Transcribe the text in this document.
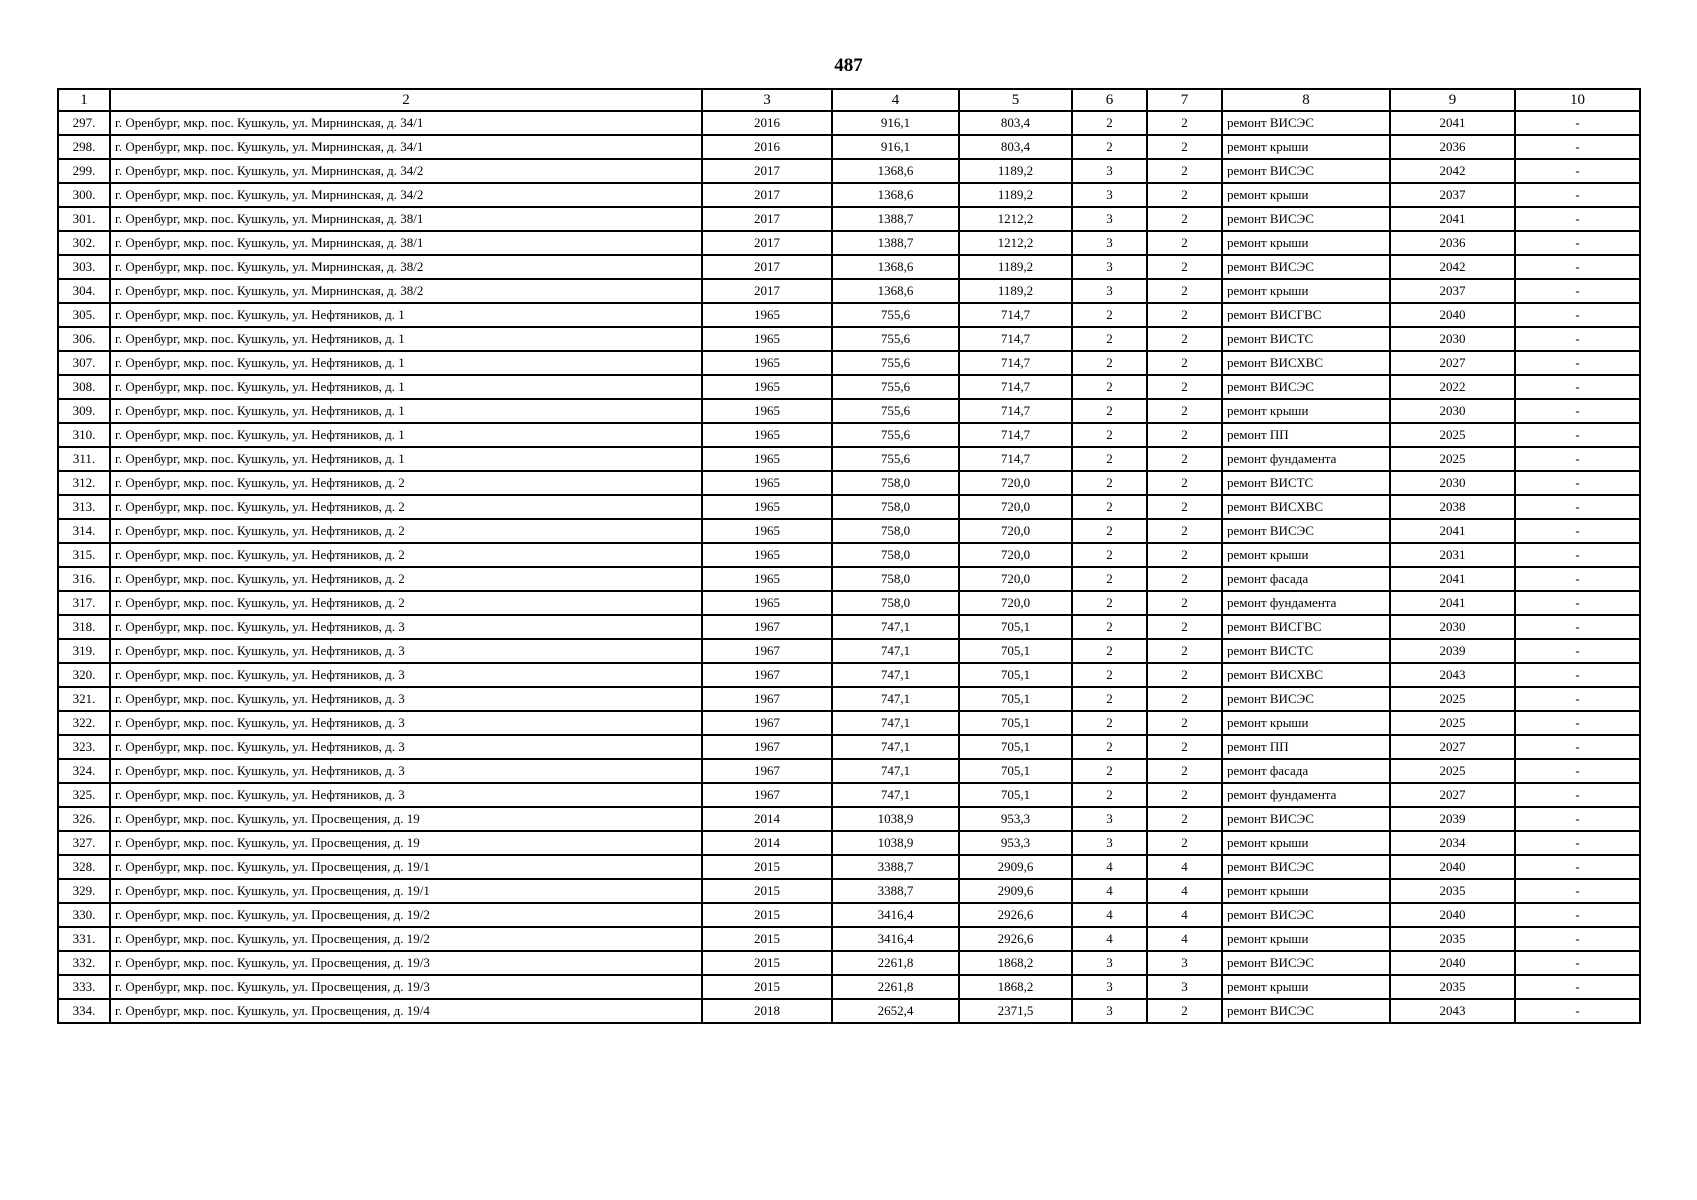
487
1	2	3	4	5	6	7	8	9	10
297.	г. Оренбург, мкр. пос. Кушкуль, ул. Мирнинская, д. 34/1	2016	916,1	803,4	2	2	ремонт ВИСЭС	2041	-
298.	г. Оренбург, мкр. пос. Кушкуль, ул. Мирнинская, д. 34/1	2016	916,1	803,4	2	2	ремонт крыши	2036	-
299.	г. Оренбург, мкр. пос. Кушкуль, ул. Мирнинская, д. 34/2	2017	1368,6	1189,2	3	2	ремонт ВИСЭС	2042	-
300.	г. Оренбург, мкр. пос. Кушкуль, ул. Мирнинская, д. 34/2	2017	1368,6	1189,2	3	2	ремонт крыши	2037	-
301.	г. Оренбург, мкр. пос. Кушкуль, ул. Мирнинская, д. 38/1	2017	1388,7	1212,2	3	2	ремонт ВИСЭС	2041	-
302.	г. Оренбург, мкр. пос. Кушкуль, ул. Мирнинская, д. 38/1	2017	1388,7	1212,2	3	2	ремонт крыши	2036	-
303.	г. Оренбург, мкр. пос. Кушкуль, ул. Мирнинская, д. 38/2	2017	1368,6	1189,2	3	2	ремонт ВИСЭС	2042	-
304.	г. Оренбург, мкр. пос. Кушкуль, ул. Мирнинская, д. 38/2	2017	1368,6	1189,2	3	2	ремонт крыши	2037	-
305.	г. Оренбург, мкр. пос. Кушкуль, ул. Нефтяников, д. 1	1965	755,6	714,7	2	2	ремонт ВИСГВС	2040	-
306.	г. Оренбург, мкр. пос. Кушкуль, ул. Нефтяников, д. 1	1965	755,6	714,7	2	2	ремонт ВИСТС	2030	-
307.	г. Оренбург, мкр. пос. Кушкуль, ул. Нефтяников, д. 1	1965	755,6	714,7	2	2	ремонт ВИСХВС	2027	-
308.	г. Оренбург, мкр. пос. Кушкуль, ул. Нефтяников, д. 1	1965	755,6	714,7	2	2	ремонт ВИСЭС	2022	-
309.	г. Оренбург, мкр. пос. Кушкуль, ул. Нефтяников, д. 1	1965	755,6	714,7	2	2	ремонт крыши	2030	-
310.	г. Оренбург, мкр. пос. Кушкуль, ул. Нефтяников, д. 1	1965	755,6	714,7	2	2	ремонт ПП	2025	-
311.	г. Оренбург, мкр. пос. Кушкуль, ул. Нефтяников, д. 1	1965	755,6	714,7	2	2	ремонт фундамента	2025	-
312.	г. Оренбург, мкр. пос. Кушкуль, ул. Нефтяников, д. 2	1965	758,0	720,0	2	2	ремонт ВИСТС	2030	-
313.	г. Оренбург, мкр. пос. Кушкуль, ул. Нефтяников, д. 2	1965	758,0	720,0	2	2	ремонт ВИСХВС	2038	-
314.	г. Оренбург, мкр. пос. Кушкуль, ул. Нефтяников, д. 2	1965	758,0	720,0	2	2	ремонт ВИСЭС	2041	-
315.	г. Оренбург, мкр. пос. Кушкуль, ул. Нефтяников, д. 2	1965	758,0	720,0	2	2	ремонт крыши	2031	-
316.	г. Оренбург, мкр. пос. Кушкуль, ул. Нефтяников, д. 2	1965	758,0	720,0	2	2	ремонт фасада	2041	-
317.	г. Оренбург, мкр. пос. Кушкуль, ул. Нефтяников, д. 2	1965	758,0	720,0	2	2	ремонт фундамента	2041	-
318.	г. Оренбург, мкр. пос. Кушкуль, ул. Нефтяников, д. 3	1967	747,1	705,1	2	2	ремонт ВИСГВС	2030	-
319.	г. Оренбург, мкр. пос. Кушкуль, ул. Нефтяников, д. 3	1967	747,1	705,1	2	2	ремонт ВИСТС	2039	-
320.	г. Оренбург, мкр. пос. Кушкуль, ул. Нефтяников, д. 3	1967	747,1	705,1	2	2	ремонт ВИСХВС	2043	-
321.	г. Оренбург, мкр. пос. Кушкуль, ул. Нефтяников, д. 3	1967	747,1	705,1	2	2	ремонт ВИСЭС	2025	-
322.	г. Оренбург, мкр. пос. Кушкуль, ул. Нефтяников, д. 3	1967	747,1	705,1	2	2	ремонт крыши	2025	-
323.	г. Оренбург, мкр. пос. Кушкуль, ул. Нефтяников, д. 3	1967	747,1	705,1	2	2	ремонт ПП	2027	-
324.	г. Оренбург, мкр. пос. Кушкуль, ул. Нефтяников, д. 3	1967	747,1	705,1	2	2	ремонт фасада	2025	-
325.	г. Оренбург, мкр. пос. Кушкуль, ул. Нефтяников, д. 3	1967	747,1	705,1	2	2	ремонт фундамента	2027	-
326.	г. Оренбург, мкр. пос. Кушкуль, ул. Просвещения, д. 19	2014	1038,9	953,3	3	2	ремонт ВИСЭС	2039	-
327.	г. Оренбург, мкр. пос. Кушкуль, ул. Просвещения, д. 19	2014	1038,9	953,3	3	2	ремонт крыши	2034	-
328.	г. Оренбург, мкр. пос. Кушкуль, ул. Просвещения, д. 19/1	2015	3388,7	2909,6	4	4	ремонт ВИСЭС	2040	-
329.	г. Оренбург, мкр. пос. Кушкуль, ул. Просвещения, д. 19/1	2015	3388,7	2909,6	4	4	ремонт крыши	2035	-
330.	г. Оренбург, мкр. пос. Кушкуль, ул. Просвещения, д. 19/2	2015	3416,4	2926,6	4	4	ремонт ВИСЭС	2040	-
331.	г. Оренбург, мкр. пос. Кушкуль, ул. Просвещения, д. 19/2	2015	3416,4	2926,6	4	4	ремонт крыши	2035	-
332.	г. Оренбург, мкр. пос. Кушкуль, ул. Просвещения, д. 19/3	2015	2261,8	1868,2	3	3	ремонт ВИСЭС	2040	-
333.	г. Оренбург, мкр. пос. Кушкуль, ул. Просвещения, д. 19/3	2015	2261,8	1868,2	3	3	ремонт крыши	2035	-
334.	г. Оренбург, мкр. пос. Кушкуль, ул. Просвещения, д. 19/4	2018	2652,4	2371,5	3	2	ремонт ВИСЭС	2043	-
